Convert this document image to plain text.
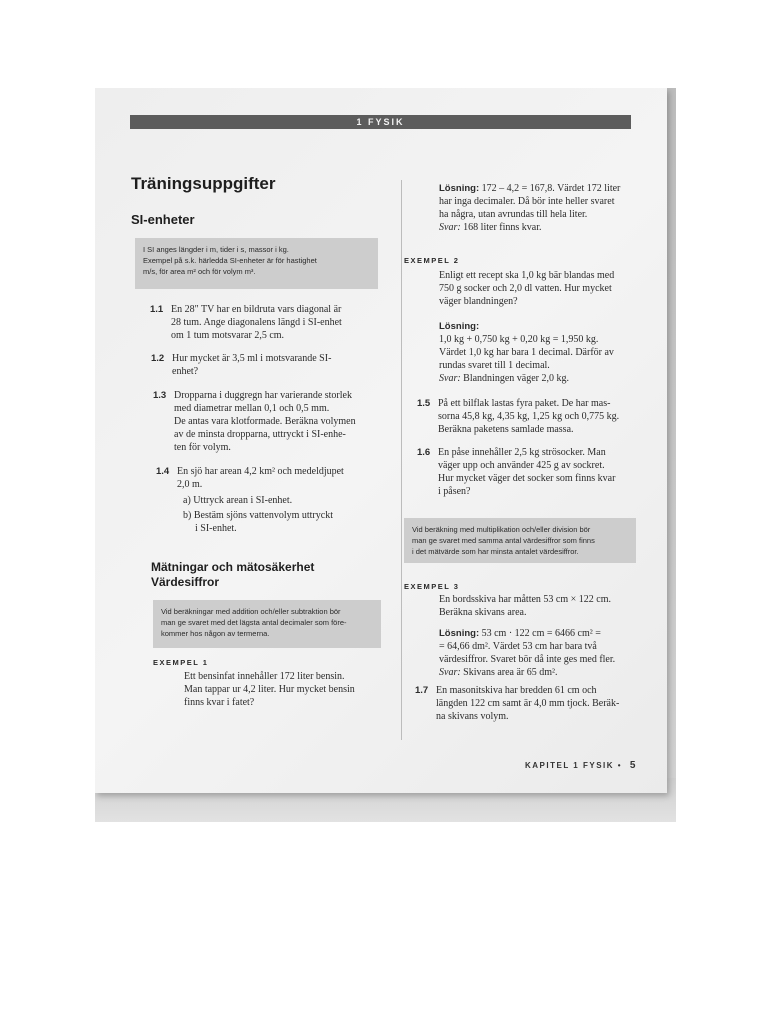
1 FYSIK
Träningsuppgifter
SI-enheter

I SI anges längder i m, tider i s, massor i kg.

Exempel på s.k. härledda SI-enheter är för hastighet

m/s, för area m² och för volym m³.

1.1 En 28" TV har en bildruta vars diagonal är
28 tum. Ange diagonalens längd i SI-enhet
om 1 tum motsvarar 2,5 cm.
1.2 Hur mycket är 3,5 ml i motsvarande SI-
enhet?
1.3 Dropparna i duggregn har varierande storlek
med diametrar mellan 0,1 och 0,5 mm.
De antas vara klotformade. Beräkna volymen
av de minsta dropparna, uttryckt i SI-enhe-
ten för volym.
1.4 En sjö har arean 4,2 km² och medeldjupet
2,0 m.
a) Uttryck arean i SI-enhet.
b) Bestäm sjöns vattenvolym uttryckt
i SI-enhet.
Mätningar och mätosäkerhet
Värdesiffror

Vid beräkningar med addition och/eller subtraktion bör

man ge svaret med det lägsta antal decimaler som före-

kommer hos någon av termerna.

EXEMPEL 1
Ett bensinfat innehåller 172 liter bensin.
Man tappar ur 4,2 liter. Hur mycket bensin
finns kvar i fatet?
Lösning: 172 – 4,2 = 167,8. Värdet 172 liter
har inga decimaler. Då bör inte heller svaret
ha några, utan avrundas till hela liter.
Svar: 168 liter finns kvar.
EXEMPEL 2
Enligt ett recept ska 1,0 kg bär blandas med
750 g socker och 2,0 dl vatten. Hur mycket
väger blandningen?
Lösning:
1,0 kg + 0,750 kg + 0,20 kg = 1,950 kg.
Värdet 1,0 kg har bara 1 decimal. Därför av
rundas svaret till 1 decimal.
Svar: Blandningen väger 2,0 kg.
1.5 På ett bilflak lastas fyra paket. De har mas-
sorna 45,8 kg, 4,35 kg, 1,25 kg och 0,775 kg.
Beräkna paketens samlade massa.
1.6 En påse innehåller 2,5 kg strösocker. Man
väger upp och använder 425 g av sockret.
Hur mycket väger det socker som finns kvar
i påsen?

Vid beräkning med multiplikation och/eller division bör

man ge svaret med samma antal värdesiffror som finns

i det mätvärde som har minsta antalet värdesiffror.

EXEMPEL 3
En bordsskiva har måtten 53 cm × 122 cm.
Beräkna skivans area.
Lösning: 53 cm · 122 cm = 6466 cm² =
= 64,66 dm². Värdet 53 cm har bara två
värdesiffror. Svaret bör då inte ges med fler.
Svar: Skivans area är 65 dm².
1.7 En masonitskiva har bredden 61 cm och
längden 122 cm samt är 4,0 mm tjock. Beräk-
na skivans volym.
KAPITEL 1 FYSIK • 5
